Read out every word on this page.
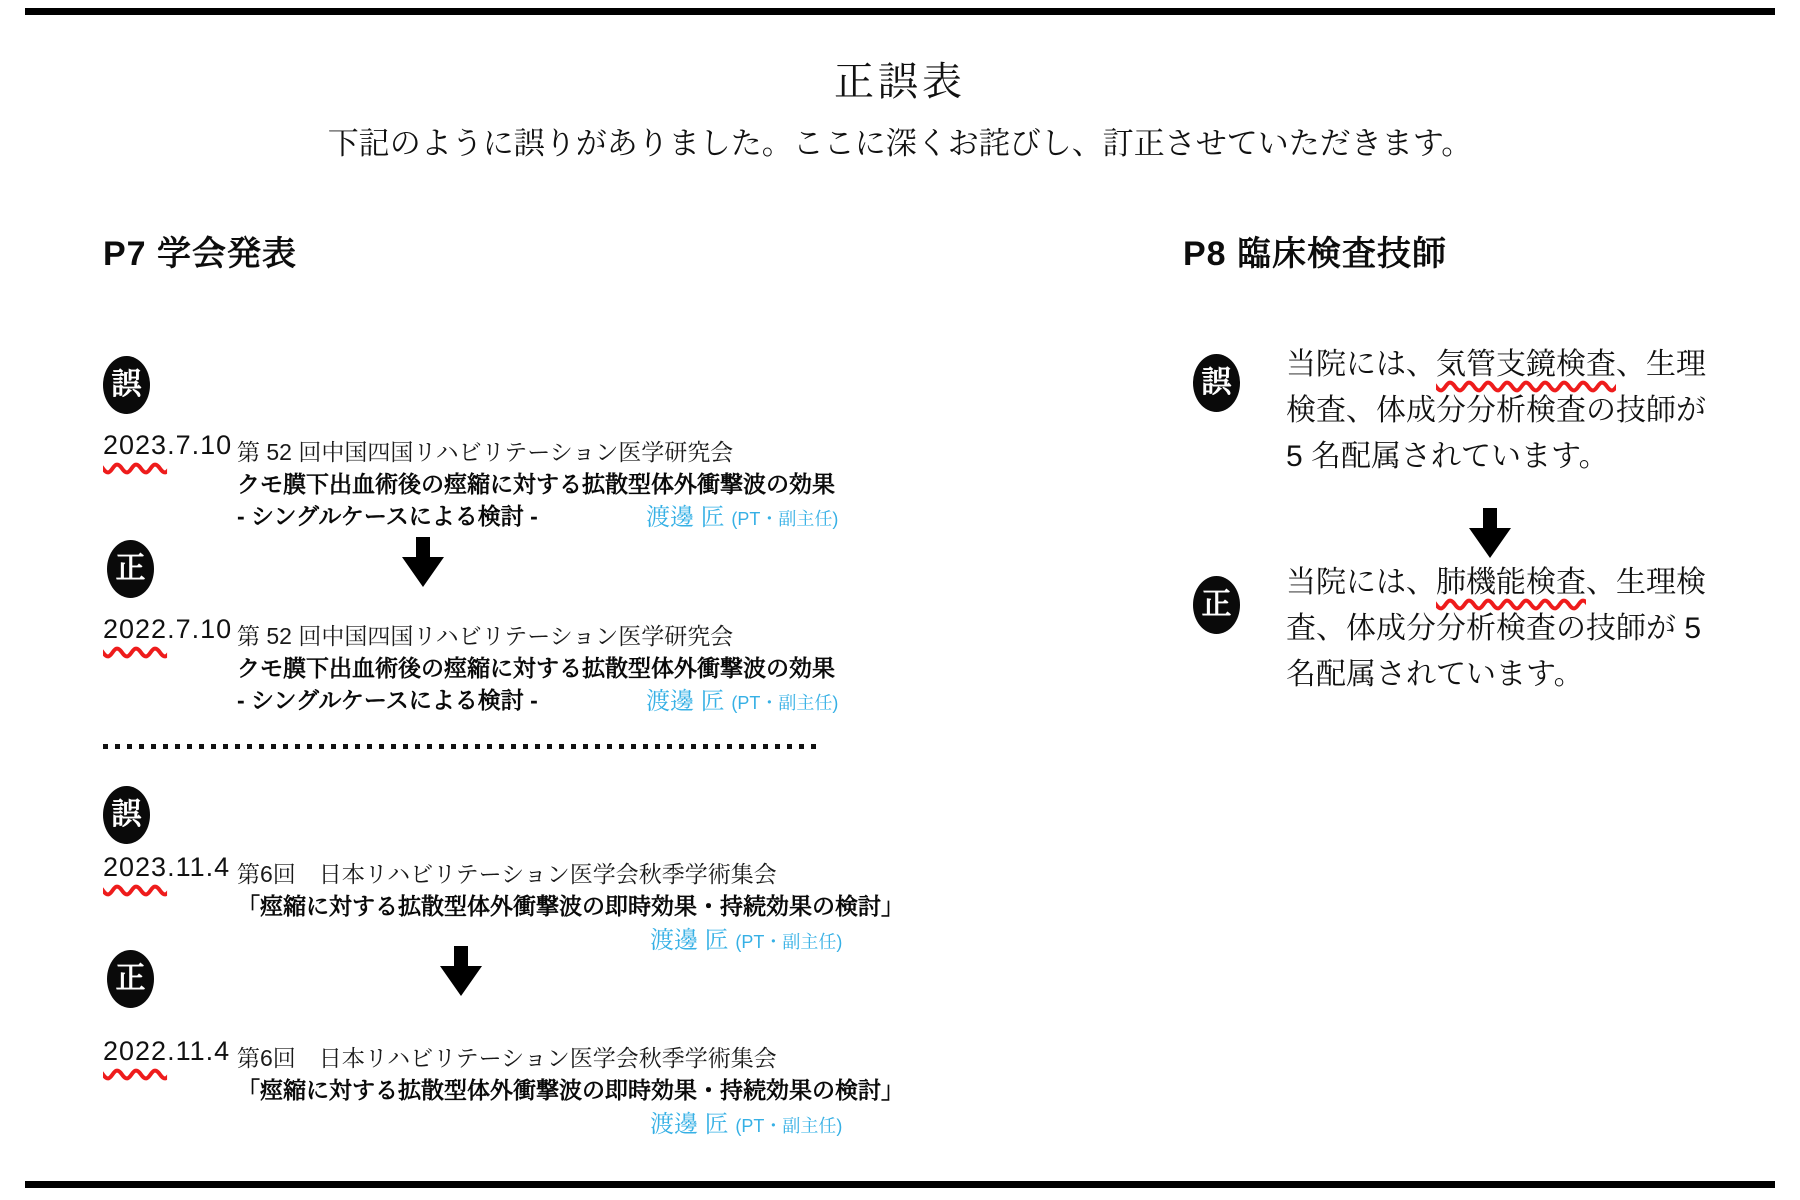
正誤表
下記のように誤りがありました。ここに深くお詫びし、訂正させていただきます。
P7 学会発表
誤
2023.7.10 第 52 回中国四国リハビリテーション医学研究会
クモ膜下出血術後の痙縮に対する拡散型体外衝撃波の効果
- シングルケースによる検討 -	渡邊 匠 (PT・副主任)
正
2022.7.10 第 52 回中国四国リハビリテーション医学研究会
クモ膜下出血術後の痙縮に対する拡散型体外衝撃波の効果
- シングルケースによる検討 -	渡邊 匠 (PT・副主任)
誤
2023.11.4 第6回　日本リハビリテーション医学会秋季学術集会
「痙縮に対する拡散型体外衝撃波の即時効果・持続効果の検討」
渡邊 匠 (PT・副主任)
正
2022.11.4 第6回　日本リハビリテーション医学会秋季学術集会
「痙縮に対する拡散型体外衝撃波の即時効果・持続効果の検討」
渡邊 匠 (PT・副主任)
P8 臨床検査技師
誤
当院には、気管支鏡検査、生理検査、体成分分析検査の技師が 5 名配属されています。
正
当院には、肺機能検査、生理検査、体成分分析検査の技師が 5 名配属されています。
